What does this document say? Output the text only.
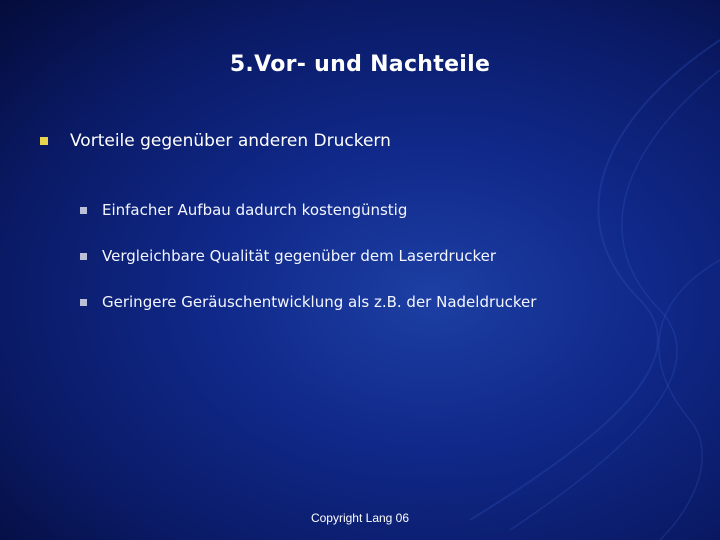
5.Vor- und Nachteile
Vorteile gegenüber anderen Druckern
Einfacher Aufbau dadurch kostengünstig
Vergleichbare Qualität gegenüber dem Laserdrucker
Geringere Geräuschentwicklung als z.B. der Nadeldrucker
Copyright Lang 06
